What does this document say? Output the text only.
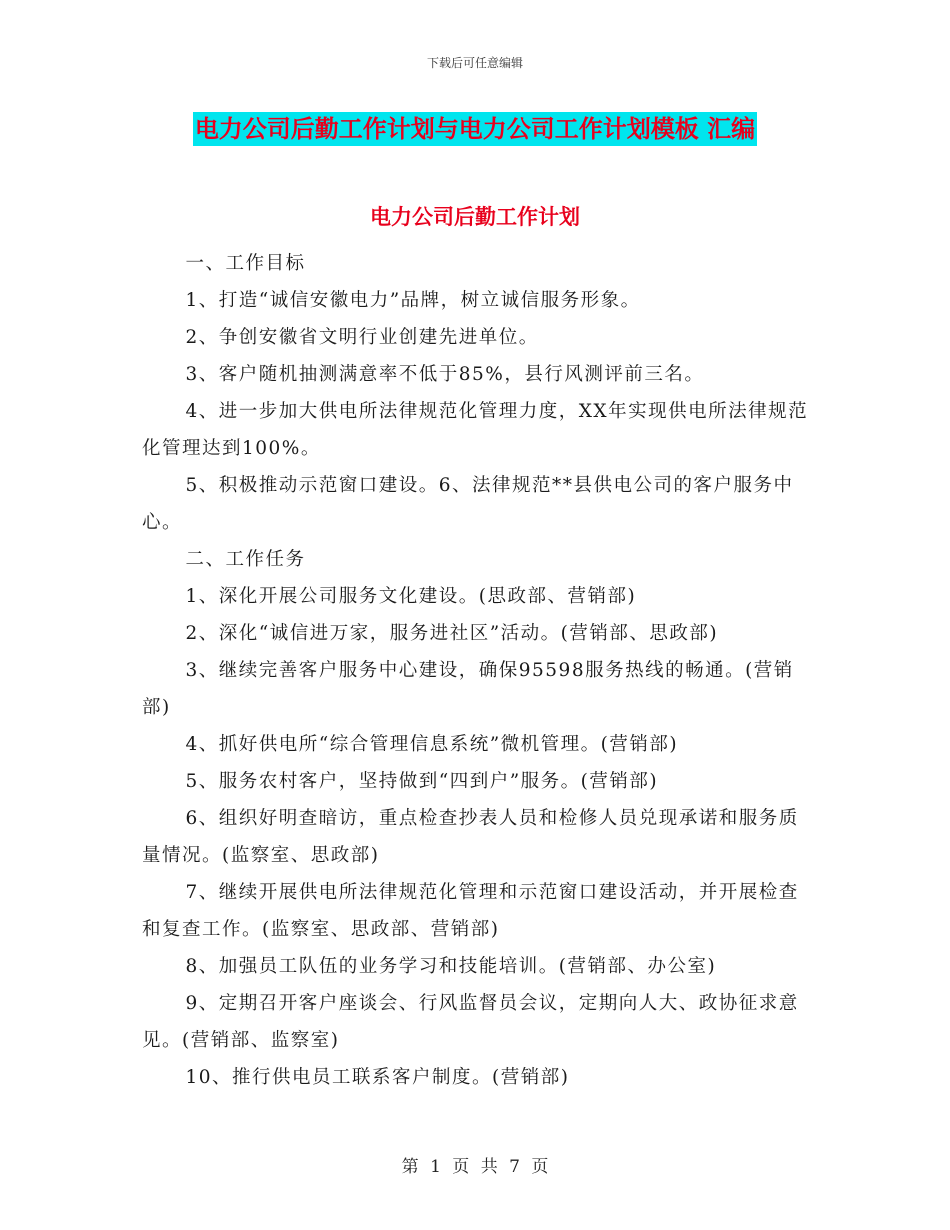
下载后可任意编辑
电力公司后勤工作计划与电力公司工作计划模板 汇编
电力公司后勤工作计划

一、工作目标

1、打造“诚信安徽电力”品牌，树立诚信服务形象。

2、争创安徽省文明行业创建先进单位。

3、客户随机抽测满意率不低于85%，县行风测评前三名。

4、进一步加大供电所法律规范化管理力度，XX年实现供电所法律规范化管理达到100%。

5、积极推动示范窗口建设。6、法律规范**县供电公司的客户服务中心。

二、工作任务

1、深化开展公司服务文化建设。(思政部、营销部)

2、深化“诚信进万家，服务进社区”活动。(营销部、思政部)

3、继续完善客户服务中心建设，确保95598服务热线的畅通。(营销部)

4、抓好供电所“综合管理信息系统”微机管理。(营销部)

5、服务农村客户，坚持做到“四到户”服务。(营销部)

6、组织好明查暗访，重点检查抄表人员和检修人员兑现承诺和服务质量情况。(监察室、思政部)

7、继续开展供电所法律规范化管理和示范窗口建设活动，并开展检查和复查工作。(监察室、思政部、营销部)

8、加强员工队伍的业务学习和技能培训。(营销部、办公室)

9、定期召开客户座谈会、行风监督员会议，定期向人大、政协征求意见。(营销部、监察室)

10、推行供电员工联系客户制度。(营销部)

第 1 页 共 7 页
